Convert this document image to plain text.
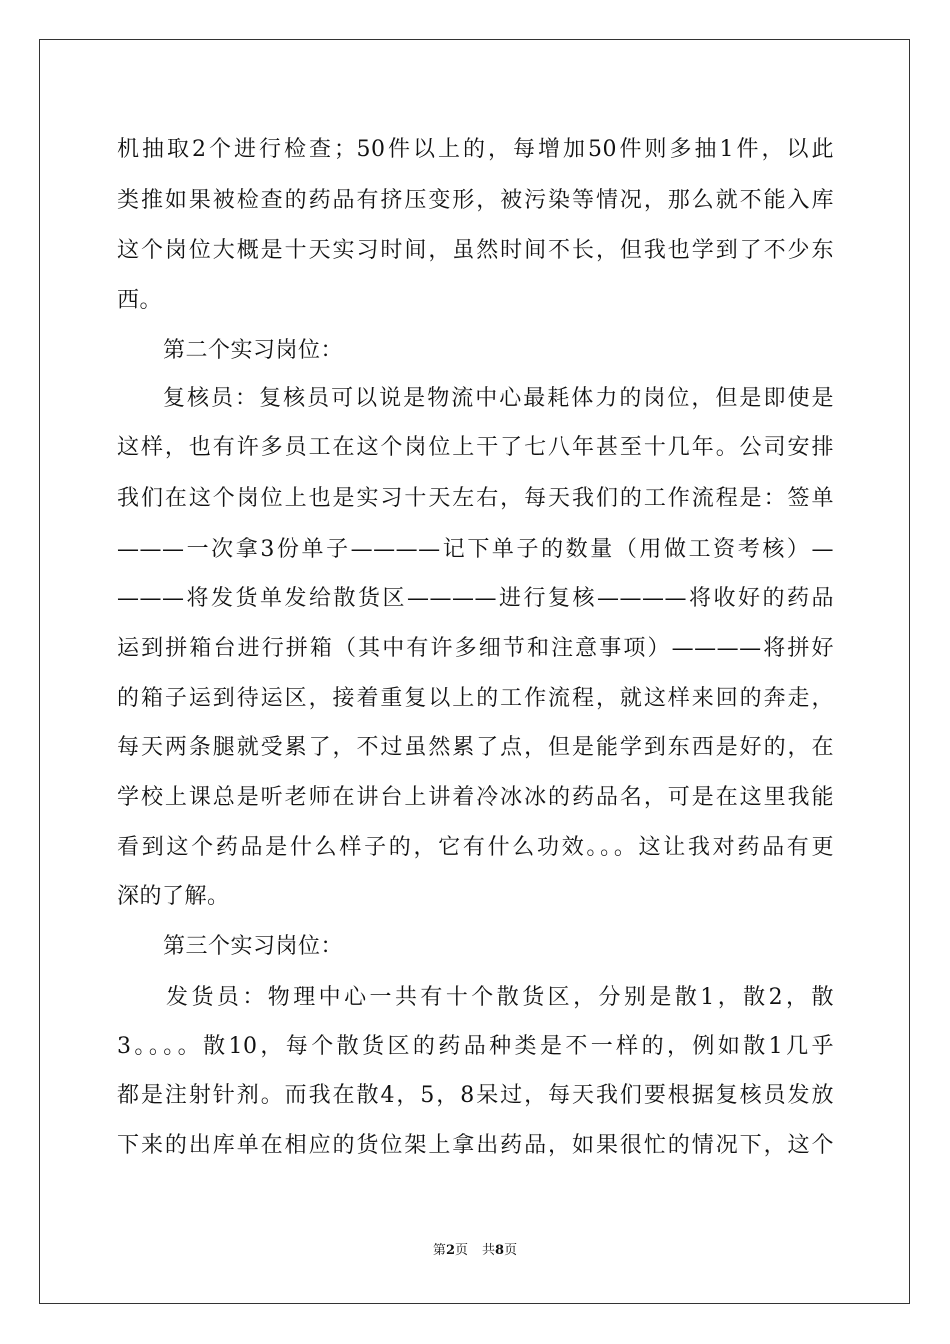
机抽取2个进行检查；50件以上的，每增加50件则多抽1件，以此
类推如果被检查的药品有挤压变形，被污染等情况，那么就不能入库
这个岗位大概是十天实习时间，虽然时间不长，但我也学到了不少东
西。
第二个实习岗位：
复核员：复核员可以说是物流中心最耗体力的岗位，但是即使是
这样，也有许多员工在这个岗位上干了七八年甚至十几年。公司安排
我们在这个岗位上也是实习十天左右，每天我们的工作流程是：签单
———一次拿3份单子————记下单子的数量（用做工资考核）—
———将发货单发给散货区————进行复核————将收好的药品
运到拼箱台进行拼箱（其中有许多细节和注意事项）————将拼好
的箱子运到待运区，接着重复以上的工作流程，就这样来回的奔走，
每天两条腿就受累了，不过虽然累了点，但是能学到东西是好的，在
学校上课总是听老师在讲台上讲着冷冰冰的药品名，可是在这里我能
看到这个药品是什么样子的，它有什么功效。。。这让我对药品有更
深的了解。
第三个实习岗位：
发货员：物理中心一共有十个散货区，分别是散1，散2，散
3。。。。散10，每个散货区的药品种类是不一样的，例如散1几乎
都是注射针剂。而我在散4，5，8呆过，每天我们要根据复核员发放
下来的出库单在相应的货位架上拿出药品，如果很忙的情况下，这个
第2页 共8页
